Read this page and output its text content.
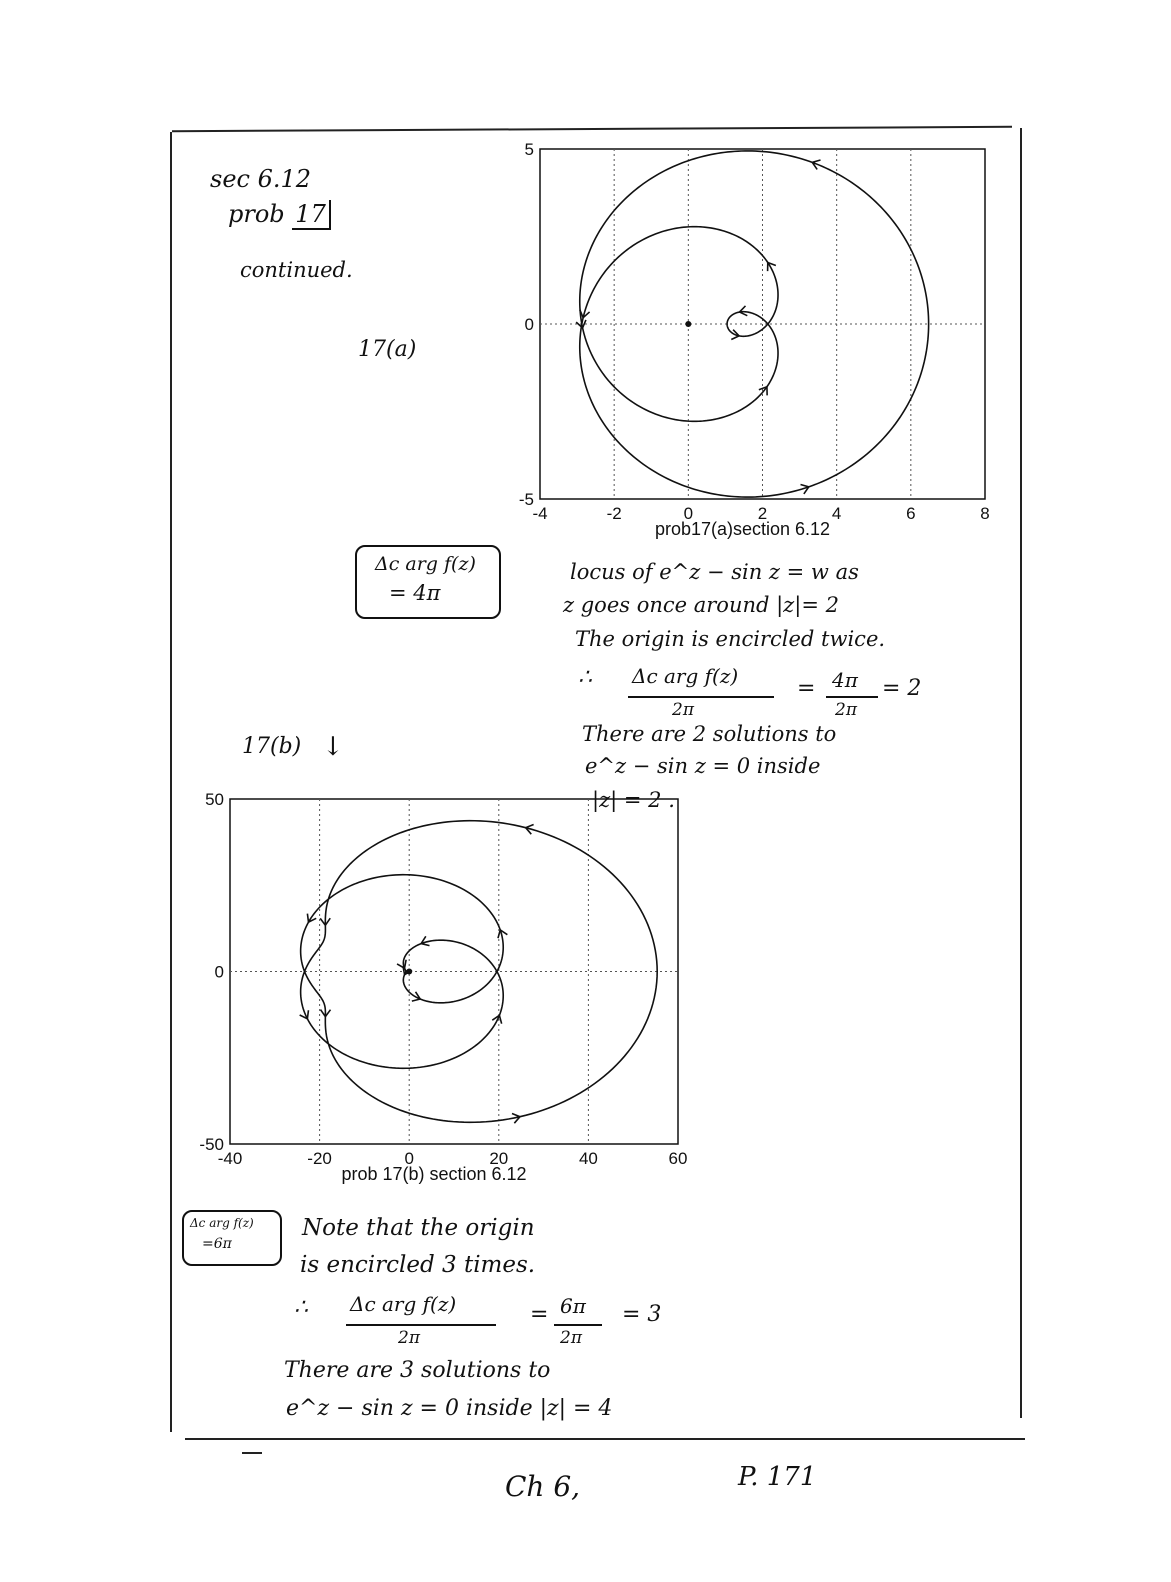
sec 6.12
prob 17
continued.
17(a)
-4	-2	0	2	4	6	8
5
0
-5
prob17(a)section 6.12
Δc arg f(z)
= 4π
locus of e^z − sin z = w as
z goes once around |z|= 2
The origin is encircled twice.
∴ Δc arg f(z)
2π
= 4π
2π
= 2
There are 2 solutions to
e^z − sin z = 0 inside
|z| = 2 .
17(b) ↓
-40	-20	0	20	40	60
50
0
-50
prob 17(b) section 6.12
Δc arg f(z)
=6π
Note that the origin
is encircled 3 times.
∴ Δc arg f(z)
2π
= 6π
2π
= 3
There are 3 solutions to
e^z − sin z = 0 inside |z| = 4
Ch 6,	P. 171
